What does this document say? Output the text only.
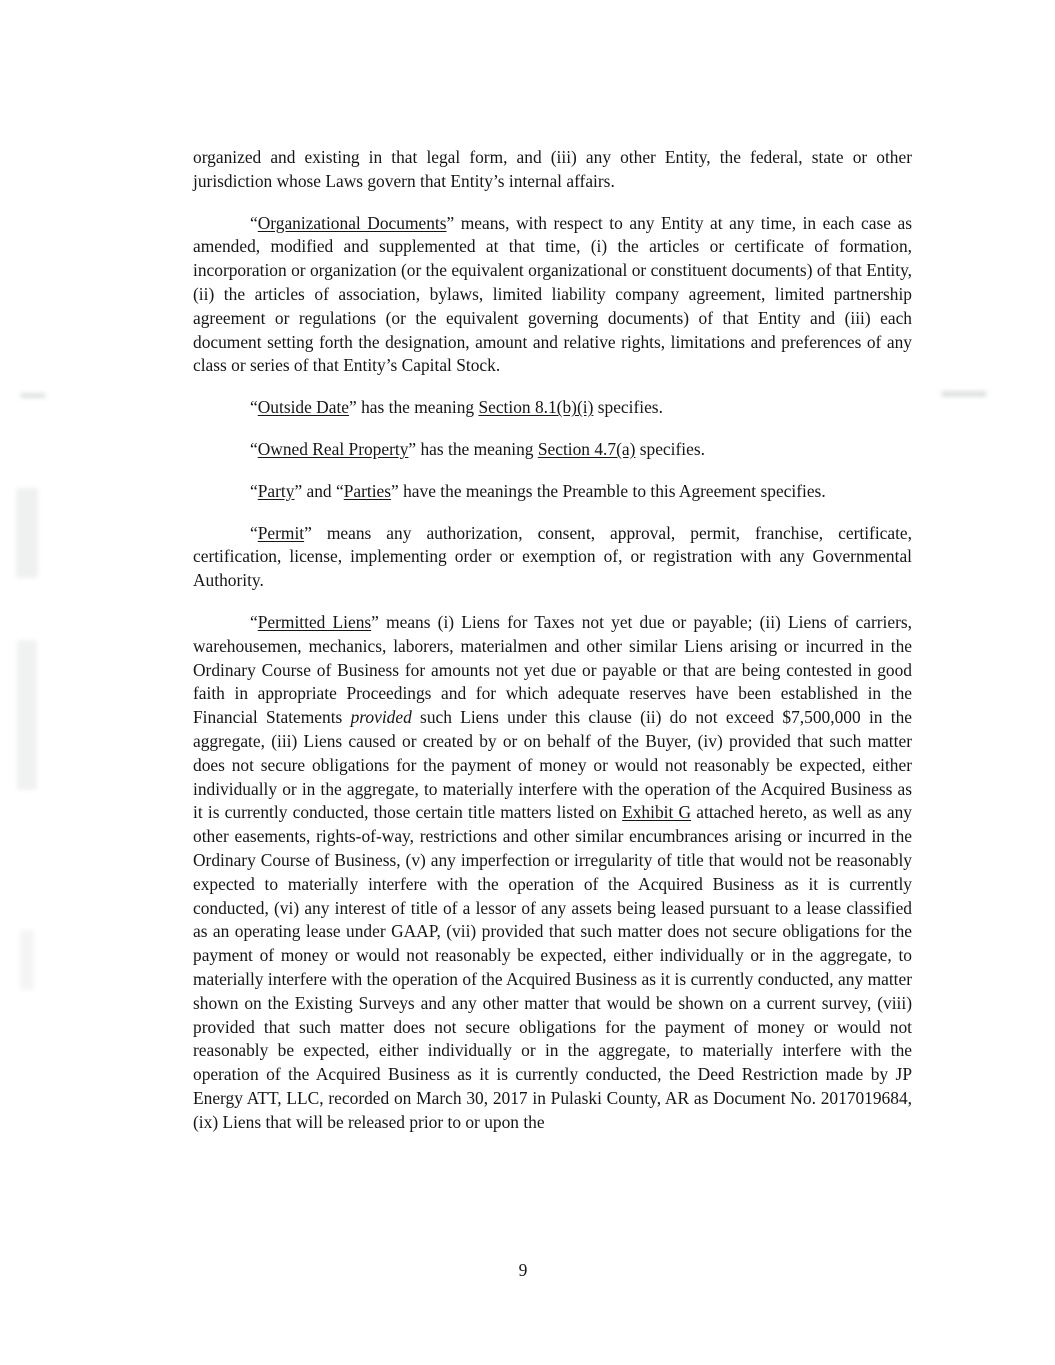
organized and existing in that legal form, and (iii) any other Entity, the federal, state or other jurisdiction whose Laws govern that Entity’s internal affairs.

“Organizational Documents” means, with respect to any Entity at any time, in each case as amended, modified and supplemented at that time, (i) the articles or certificate of formation, incorporation or organization (or the equivalent organizational or constituent documents) of that Entity, (ii) the articles of association, bylaws, limited liability company agreement, limited partnership agreement or regulations (or the equivalent governing documents) of that Entity and (iii) each document setting forth the designation, amount and relative rights, limitations and preferences of any class or series of that Entity’s Capital Stock.

“Outside Date” has the meaning Section 8.1(b)(i) specifies.

“Owned Real Property” has the meaning Section 4.7(a) specifies.

“Party” and “Parties” have the meanings the Preamble to this Agreement specifies.

“Permit” means any authorization, consent, approval, permit, franchise, certificate, certification, license, implementing order or exemption of, or registration with any Governmental Authority.

“Permitted Liens” means (i) Liens for Taxes not yet due or payable; (ii) Liens of carriers, warehousemen, mechanics, laborers, materialmen and other similar Liens arising or incurred in the Ordinary Course of Business for amounts not yet due or payable or that are being contested in good faith in appropriate Proceedings and for which adequate reserves have been established in the Financial Statements provided such Liens under this clause (ii) do not exceed $7,500,000 in the aggregate, (iii) Liens caused or created by or on behalf of the Buyer, (iv) provided that such matter does not secure obligations for the payment of money or would not reasonably be expected, either individually or in the aggregate, to materially interfere with the operation of the Acquired Business as it is currently conducted, those certain title matters listed on Exhibit G attached hereto, as well as any other easements, rights-of-way, restrictions and other similar encumbrances arising or incurred in the Ordinary Course of Business, (v) any imperfection or irregularity of title that would not be reasonably expected to materially interfere with the operation of the Acquired Business as it is currently conducted, (vi) any interest of title of a lessor of any assets being leased pursuant to a lease classified as an operating lease under GAAP, (vii) provided that such matter does not secure obligations for the payment of money or would not reasonably be expected, either individually or in the aggregate, to materially interfere with the operation of the Acquired Business as it is currently conducted, any matter shown on the Existing Surveys and any other matter that would be shown on a current survey, (viii) provided that such matter does not secure obligations for the payment of money or would not reasonably be expected, either individually or in the aggregate, to materially interfere with the operation of the Acquired Business as it is currently conducted, the Deed Restriction made by JP Energy ATT, LLC, recorded on March 30, 2017 in Pulaski County, AR as Document No. 2017019684, (ix) Liens that will be released prior to or upon the

9
